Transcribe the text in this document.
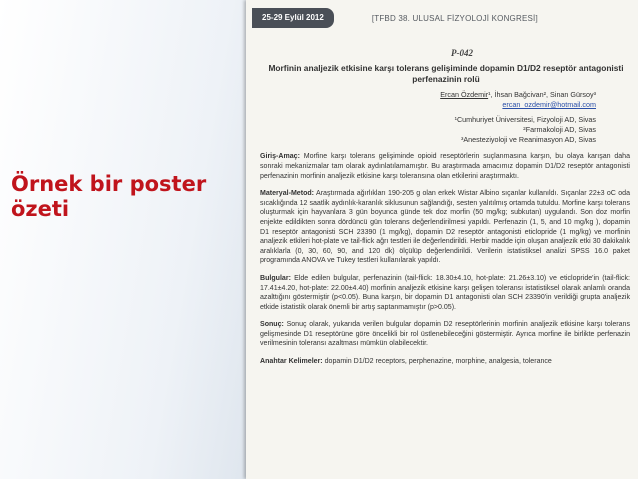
Örnek bir poster özeti
25-29 Eylül 2012	[TFBD 38. ULUSAL FİZYOLOJİ KONGRESİ]
P-042
Morfinin analjezik etkisine karşı tolerans gelişiminde dopamin D1/D2 reseptör antagonisti perfenazinin rolü
Ercan Özdemir¹, İhsan Bağcivan², Sinan Gürsoy³
ercan_ozdemir@hotmail.com
¹Cumhuriyet Üniversitesi, Fizyoloji AD, Sivas
²Farmakoloji AD, Sivas
³Anesteziyoloji ve Reanimasyon AD, Sivas
Giriş-Amaç: Morfine karşı tolerans gelişiminde opioid reseptörlerin suçlanmasına karşın, bu olaya karışan daha sonraki mekanizmalar tam olarak aydınlatılamamıştır. Bu araştırmada amacımız dopamin D1/D2 reseptör antagonisti perfenazinin morfinin analjezik etkisine karşı toleransına olan etkilerini araştırmaktı.
Materyal-Metod: Araştırmada ağırlıkları 190-205 g olan erkek Wistar Albino sıçanlar kullanıldı. Sıçanlar 22±3 oC oda sıcaklığında 12 saatlik aydınlık-karanlık siklusunun sağlandığı, sesten yalıtılmış ortamda tutuldu. Morfine karşı tolerans oluşturmak için hayvanlara 3 gün boyunca günde tek doz morfin (50 mg/kg; subkutan) uygulandı. Son doz morfin enjekte edildikten sonra dördüncü gün tolerans değerlendirilmesi yapıldı. Perfenazin (1, 5, and 10 mg/kg ), dopamin D1 reseptör antagonisti SCH 23390 (1 mg/kg), dopamin D2 reseptör antagonisti eticlopride (1 mg/kg) ve morfinin analjezik etkileri hot-plate ve tail-flick ağrı testleri ile değerlendirildi. Herbir madde için oluşan analjezik etki 30 dakikalık aralıklarla (0, 30, 60, 90, and 120 dk) ölçülüp değerlendirildi. Verilerin istatistiksel analizi SPSS 16.0 paket programında ANOVA ve Tukey testleri kullanılarak yapıldı.
Bulgular: Elde edilen bulgular, perfenazinin (tail-flick: 18.30±4.10, hot-plate: 21.26±3.10) ve eticlopride'in (tail-flick: 17.41±4.20, hot-plate: 22.00±4.40) morfinin analjezik etkisine karşı gelişen toleransı istatistiksel olarak anlamlı oranda azalttığını göstermiştir (p<0.05). Buna karşın, bir dopamin D1 antagonisti olan SCH 23390'in verildiği grupta analjezik etkide istatistik olarak önemli bir artış saptanmamıştır (p>0.05).
Sonuç: Sonuç olarak, yukarıda verilen bulgular dopamin D2 reseptörlerinin morfinin analjezik etkisine karşı tolerans gelişmesinde D1 reseptörüne göre öncelikli bir rol üstlenebileceğini göstermiştir. Ayrıca morfine ile birlikte perfenazin verilmesinin toleransı azaltması mümkün olabilecektir.
Anahtar Kelimeler: dopamin D1/D2 receptors, perphenazine, morphine, analgesia, tolerance
